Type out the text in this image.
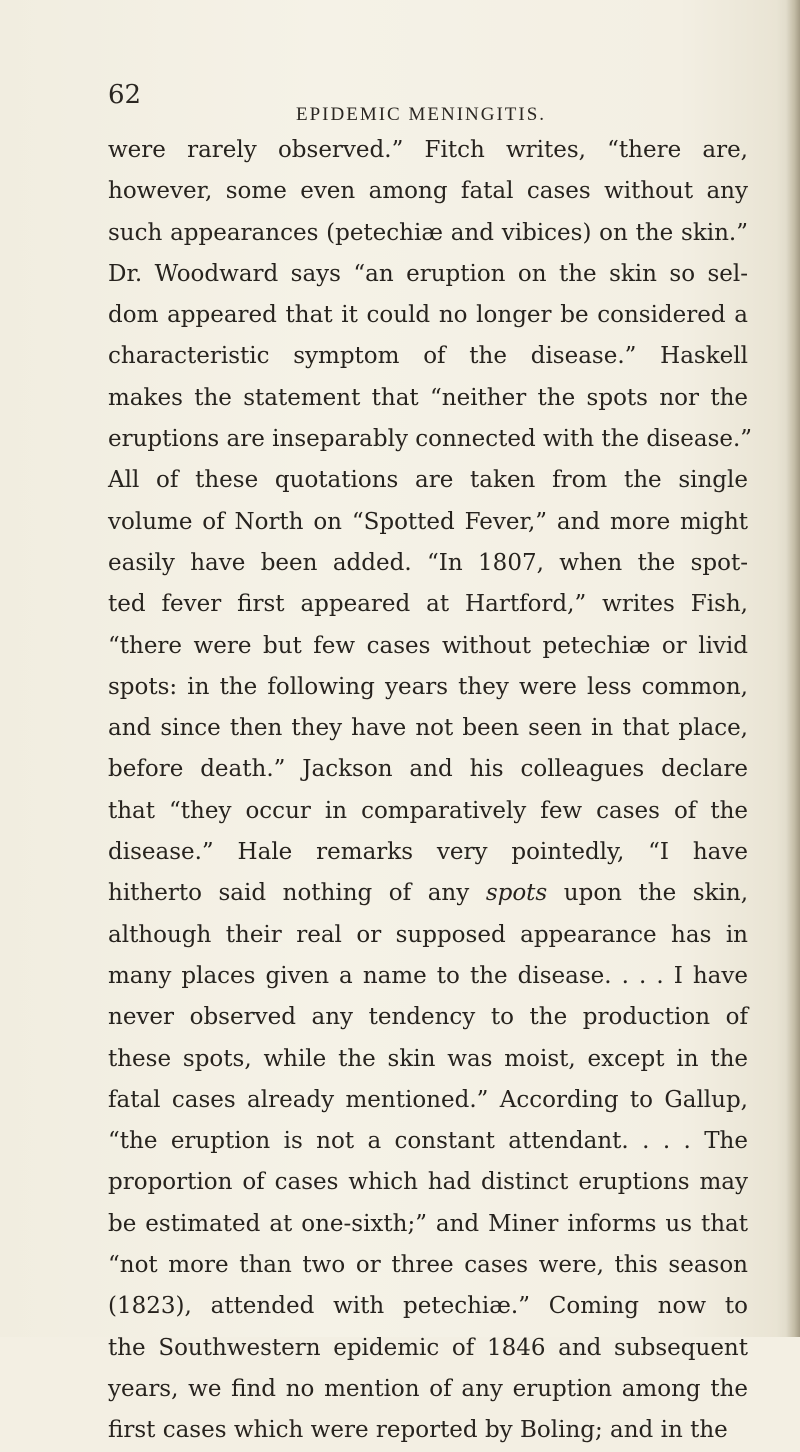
62
EPIDEMIC MENINGITIS.
were rarely observed.” Fitch writes, “there are,
however, some even among fatal cases without any
such appearances (petechiæ and vibices) on the skin.”
Dr. Woodward says “an eruption on the skin so sel-
dom appeared that it could no longer be considered a
characteristic symptom of the disease.” Haskell
makes the statement that “neither the spots nor the
eruptions are inseparably connected with the disease.”
All of these quotations are taken from the single
volume of North on “Spotted Fever,” and more might
easily have been added. “In 1807, when the spot-
ted fever first appeared at Hartford,” writes Fish,
“there were but few cases without petechiæ or livid
spots: in the following years they were less common,
and since then they have not been seen in that place,
before death.” Jackson and his colleagues declare
that “they occur in comparatively few cases of the
disease.” Hale remarks very pointedly, “I have
hitherto said nothing of any spots upon the skin,
although their real or supposed appearance has in
many places given a name to the disease. . . . I have
never observed any tendency to the production of
these spots, while the skin was moist, except in the
fatal cases already mentioned.” According to Gallup,
“the eruption is not a constant attendant. . . . The
proportion of cases which had distinct eruptions may
be estimated at one-sixth;” and Miner informs us that
“not more than two or three cases were, this season
(1823), attended with petechiæ.” Coming now to
the Southwestern epidemic of 1846 and subsequent
years, we find no mention of any eruption among the
first cases which were reported by Boling; and in the
